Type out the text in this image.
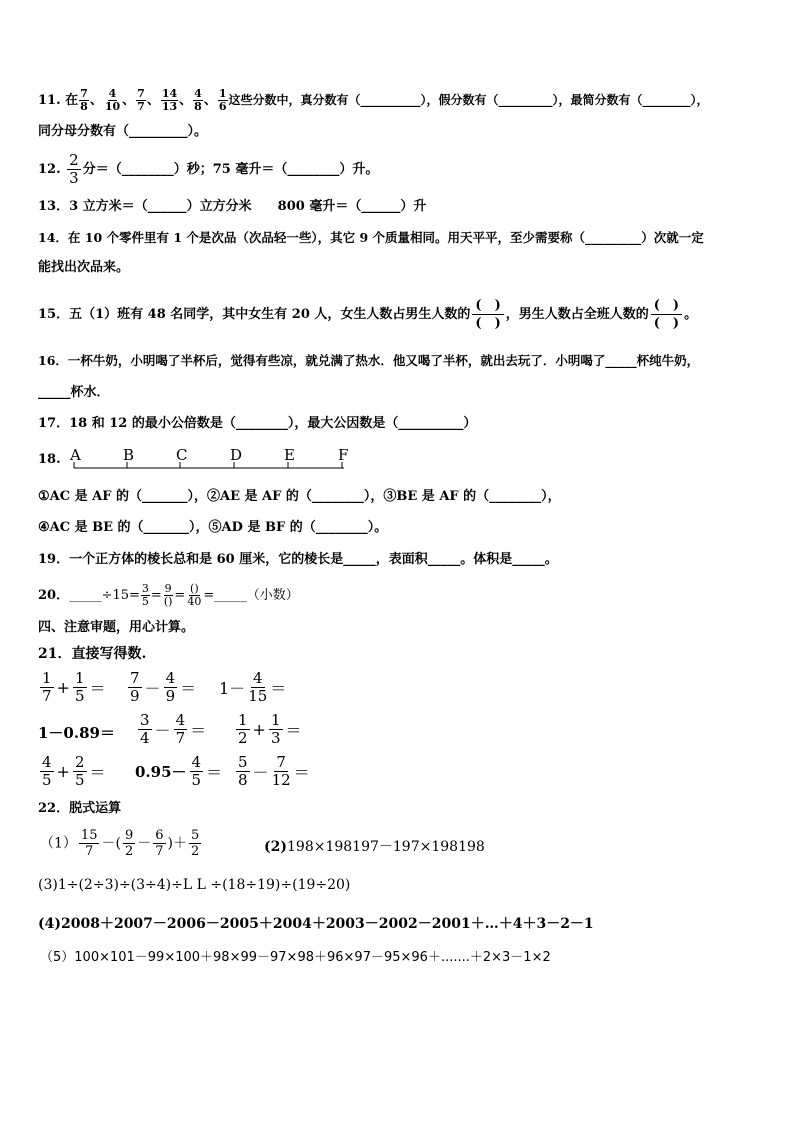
11. 在 $\frac{7}{8}$ 、 $\frac{4}{10}$ 、 $\frac{7}{7}$ 、 $\frac{14}{13}$ 、 $\frac{4}{8}$ 、 $\frac{1}{6}$ 这些分数中，真分数有（__________），假分数有（_________），最简分数有（________），
同分母分数有（_________）。
12. $\frac{2}{3}$ 分＝（________）秒；75 毫升＝（________）升。
13．3 立方米＝（______）立方分米　　800 毫升＝（______）升
14．在 10 个零件里有 1 个是次品（次品轻一些），其它 9 个质量相同。用天平平，至少需要称（_________）次就一定
能找出次品来。
15．五（1）班有 48 名同学，其中女生有 20 人，女生人数占男生人数的 $\frac{( )}{( )}$ ，男生人数占全班人数的 $\frac{( )}{( )}$ 。
16．一杯牛奶，小明喝了半杯后，觉得有些凉，就兑满了热水．他又喝了半杯，就出去玩了．小明喝了_____杯纯牛奶，
_____杯水．
17．18 和 12 的最小公倍数是（________），最大公因数是（__________）
18. A	B	C	D	E	F
①AC 是 AF 的（_______），②AE 是 AF 的（________），③BE 是 AF 的（________），
④AC 是 BE 的（_______），⑤AD 是 BF 的（________）。
19．一个正方体的棱长总和是 60 厘米，它的棱长是_____，表面积_____。体积是_____。
20．_____÷15= $\frac{3}{5} = \frac{9}{()} = \frac{()}{40}$ =_____（小数）
四、注意审题，用心计算。
21．直接写得数.
$\frac{1}{7} + \frac{1}{5} = \frac{7}{9} - \frac{4}{9} = 1- \frac{4}{15}$ ＝
$1-0.89= \frac{3}{4} - \frac{4}{7} = \frac{1}{2} + \frac{1}{3}$ ＝
$\frac{4}{5} + \frac{2}{5} = 0.95- \frac{4}{5} = \frac{5}{8} - \frac{7}{12}$ ＝
22．脱式运算
$(1) \frac{15}{7}$ －( $\frac{9}{2} - \frac{6}{7}$ )＋ $\frac{5}{2}$	(2)198×198197－197×198198
(3)1÷(2÷3)÷(3÷4)÷L L ÷(18÷19)÷(19÷20)
(4)2008＋2007－2006－2005＋2004＋2003－2002－2001＋…＋4＋3－2－1
（5）100×101－99×100＋98×99－97×98＋96×97－95×96＋.......＋2×3－1×2
